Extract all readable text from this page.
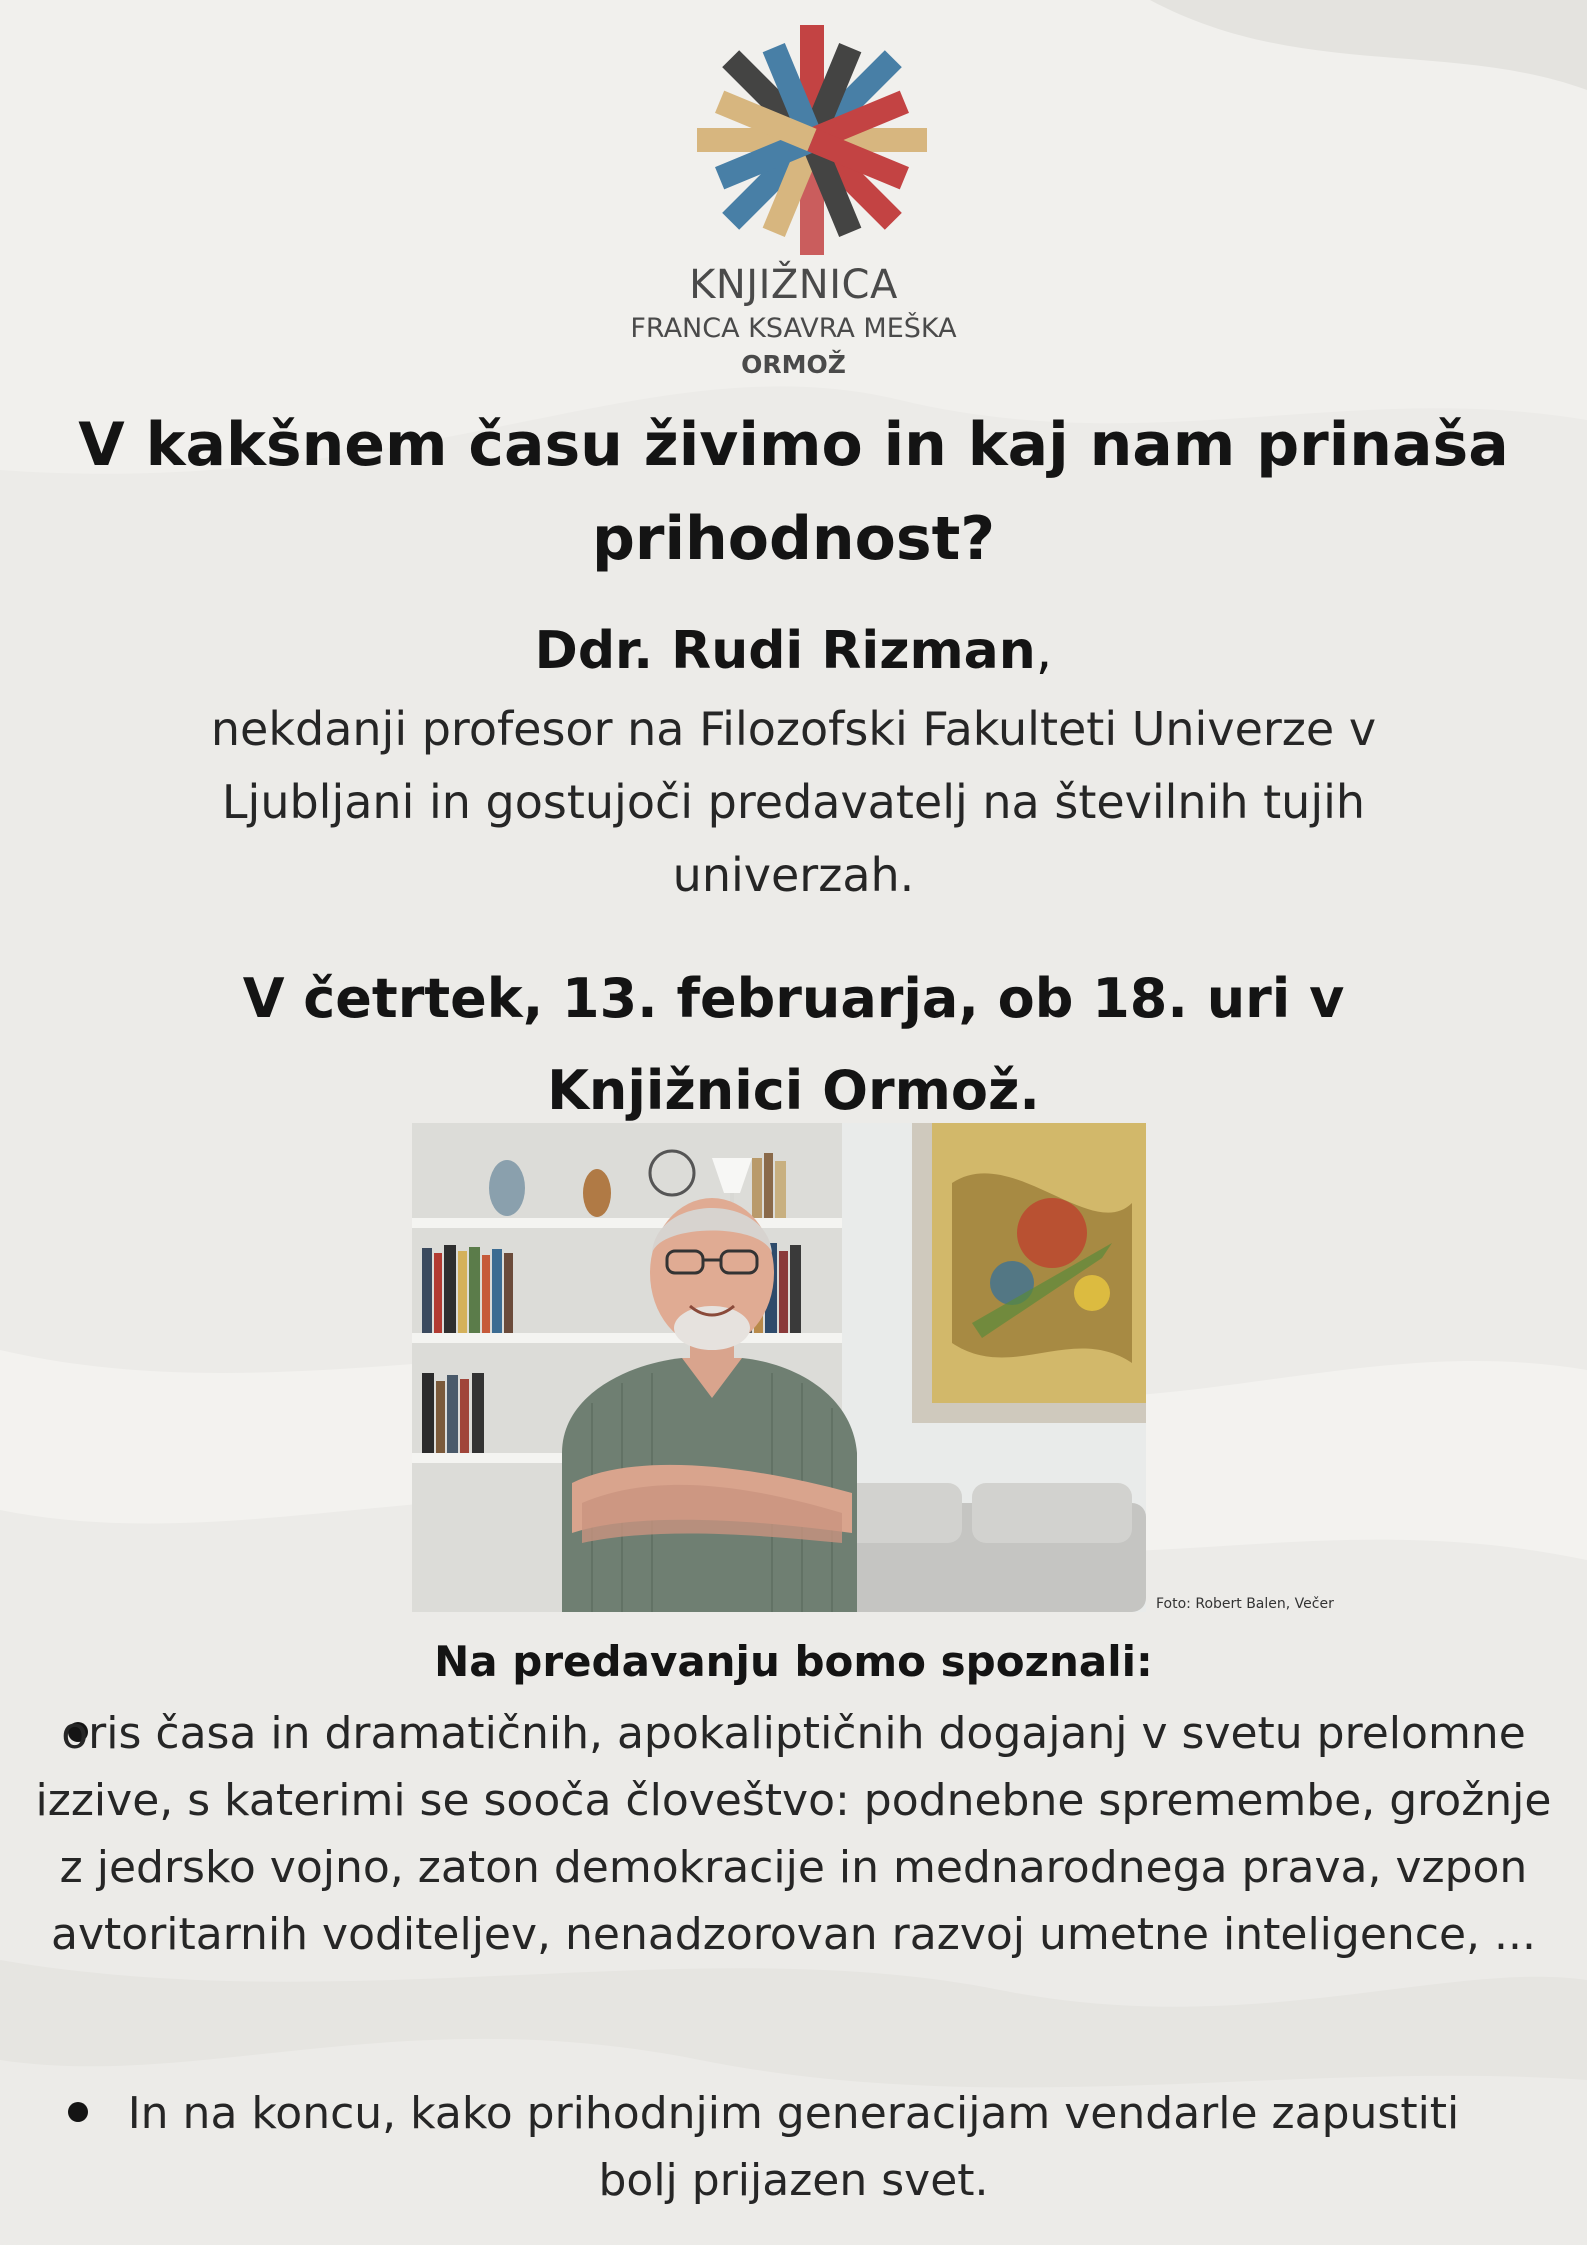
KNJIŽNICA
FRANCA KSAVRA MEŠKA
ORMOŽ
V kakšnem času živimo in kaj nam prinaša prihodnost?
Ddr. Rudi Rizman,
nekdanji profesor na Filozofski Fakulteti Univerze v Ljubljani in gostujoči predavatelj na številnih tujih univerzah.
V četrtek, 13. februarja, ob 18. uri v Knjižnici Ormož.
Foto: Robert Balen, Večer
Na predavanju bomo spoznali:
oris časa in dramatičnih, apokaliptičnih dogajanj v svetu prelomne izzive, s katerimi se sooča človeštvo: podnebne spremembe, grožnje z jedrsko vojno, zaton demokracije in mednarodnega prava, vzpon avtoritarnih voditeljev, nenadzorovan razvoj umetne inteligence, ...
In na koncu, kako prihodnjim generacijam vendarle zapustiti bolj prijazen svet.
